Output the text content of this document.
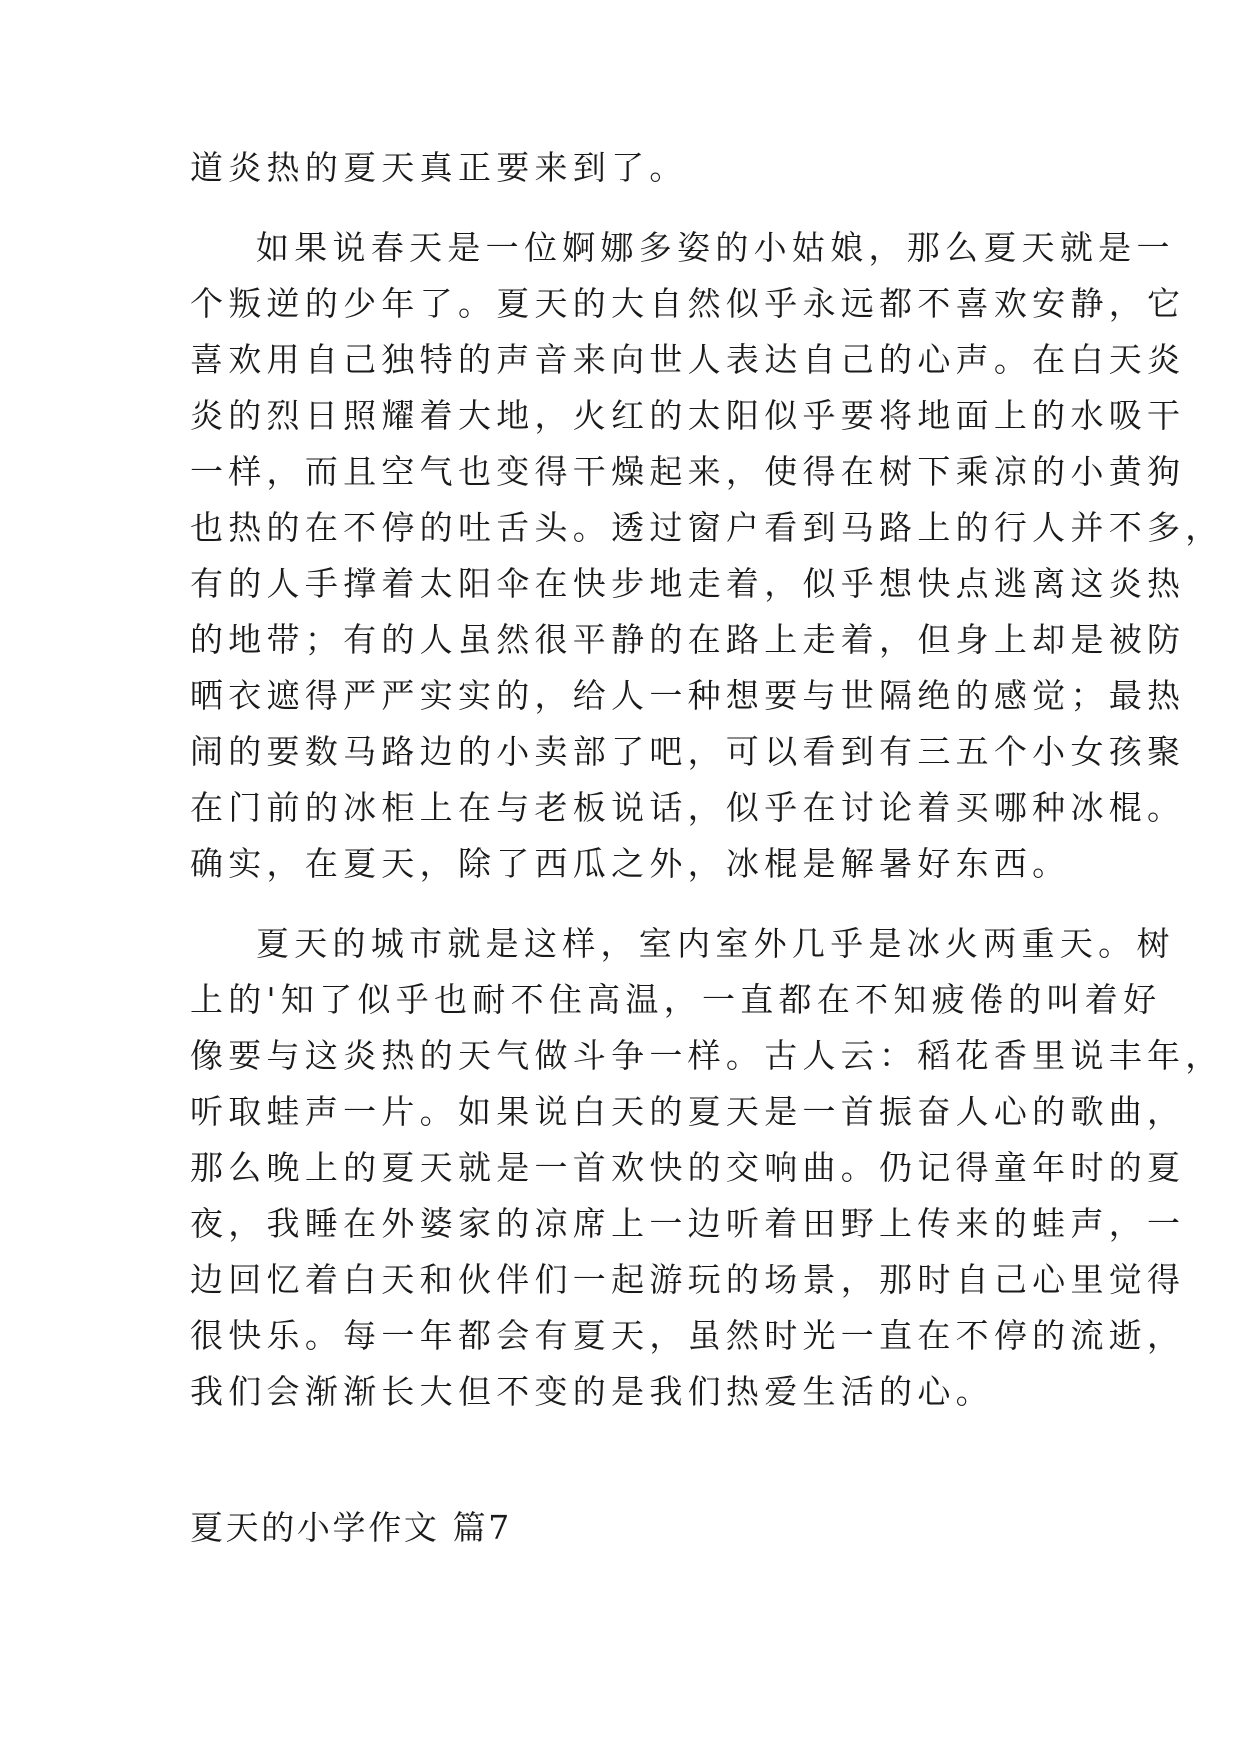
道炎热的夏天真正要来到了。
如果说春天是一位婀娜多姿的小姑娘，那么夏天就是一
个叛逆的少年了。夏天的大自然似乎永远都不喜欢安静，它
喜欢用自己独特的声音来向世人表达自己的心声。在白天炎
炎的烈日照耀着大地，火红的太阳似乎要将地面上的水吸干
一样，而且空气也变得干燥起来，使得在树下乘凉的小黄狗
也热的在不停的吐舌头。透过窗户看到马路上的行人并不多，
有的人手撑着太阳伞在快步地走着，似乎想快点逃离这炎热
的地带；有的人虽然很平静的在路上走着，但身上却是被防
晒衣遮得严严实实的，给人一种想要与世隔绝的感觉；最热
闹的要数马路边的小卖部了吧，可以看到有三五个小女孩聚
在门前的冰柜上在与老板说话，似乎在讨论着买哪种冰棍。
确实，在夏天，除了西瓜之外，冰棍是解暑好东西。
夏天的城市就是这样，室内室外几乎是冰火两重天。树
上的'知了似乎也耐不住高温，一直都在不知疲倦的叫着好
像要与这炎热的天气做斗争一样。古人云：稻花香里说丰年，
听取蛙声一片。如果说白天的夏天是一首振奋人心的歌曲，
那么晚上的夏天就是一首欢快的交响曲。仍记得童年时的夏
夜，我睡在外婆家的凉席上一边听着田野上传来的蛙声，一
边回忆着白天和伙伴们一起游玩的场景，那时自己心里觉得
很快乐。每一年都会有夏天，虽然时光一直在不停的流逝，
我们会渐渐长大但不变的是我们热爱生活的心。
夏天的小学作文 篇7
